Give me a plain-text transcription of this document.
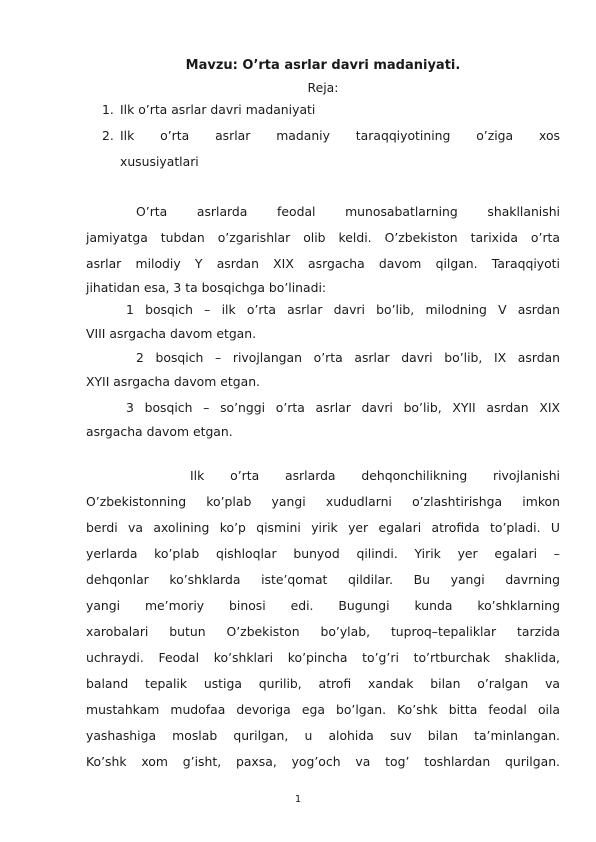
Mavzu: O’rta asrlar davri madaniyati.
Reja:
1. Ilk o’rta asrlar davri madaniyati
2. Ilk o’rta asrlar madaniy taraqqiyotining o’ziga xos
xususiyatlari
O’rta asrlarda feodal munosabatlarning shakllanishi
jamiyatga tubdan o’zgarishlar olib keldi. O’zbekiston tarixida o’rta
asrlar milodiy Y asrdan XIX asrgacha davom qilgan. Taraqqiyoti
jihatidan esa, 3 ta bosqichga bo’linadi:
1 bosqich – ilk o’rta asrlar davri bo’lib, milodning V asrdan
VIII asrgacha davom etgan.
2 bosqich – rivojlangan o’rta asrlar davri bo’lib, IX asrdan
XYII asrgacha davom etgan.
3 bosqich – so’nggi o’rta asrlar davri bo’lib, XYII asrdan XIX
asrgacha davom etgan.
Ilk o’rta asrlarda dehqonchilikning rivojlanishi
O’zbekistonning ko’plab yangi xududlarni o’zlashtirishga imkon
berdi va axolining ko’p qismini yirik yer egalari atrofida to’pladi. U
yerlarda ko’plab qishloqlar bunyod qilindi. Yirik yer egalari –
dehqonlar ko’shklarda iste’qomat qildilar. Bu yangi davrning
yangi me’moriy binosi edi. Bugungi kunda ko’shklarning
xarobalari butun O’zbekiston bo’ylab, tuproq–tepaliklar tarzida
uchraydi. Feodal ko’shklari ko’pincha to’g’ri to’rtburchak shaklida,
baland tepalik ustiga qurilib, atrofi xandak bilan o’ralgan va
mustahkam mudofaa devoriga ega bo’lgan. Ko’shk bitta feodal oila
yashashiga moslab qurilgan, u alohida suv bilan ta’minlangan.
Ko’shk xom g’isht, paxsa, yog’och va tog’ toshlardan qurilgan.
1
